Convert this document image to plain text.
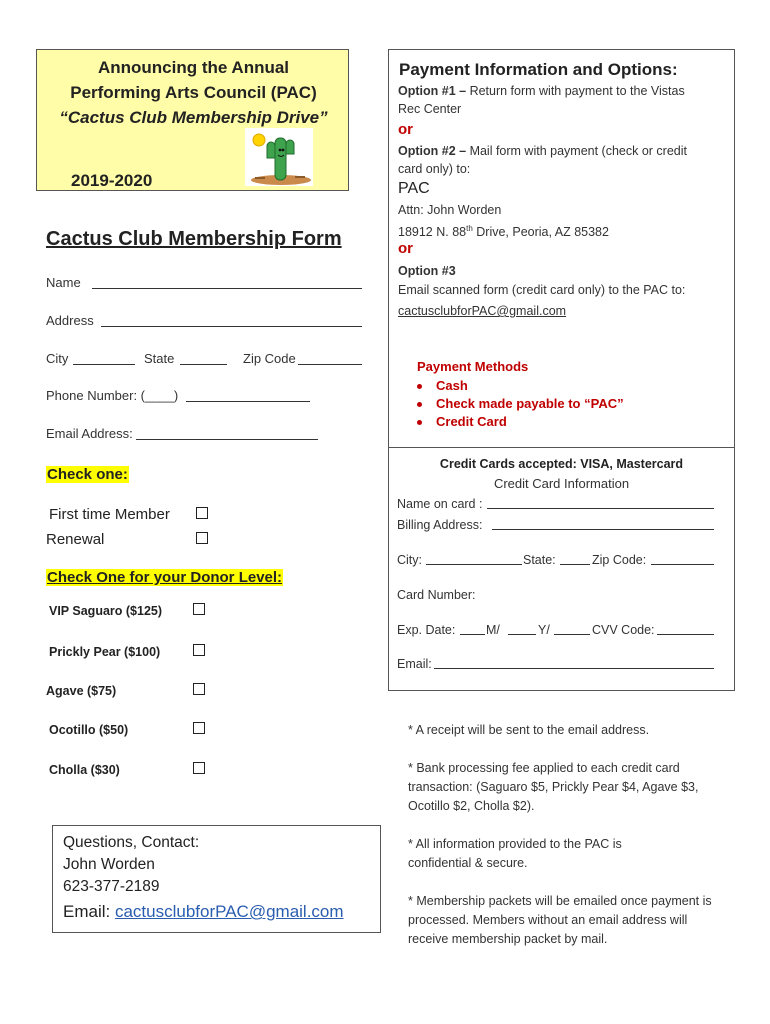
Announcing the Annual
Performing Arts Council (PAC)
“Cactus Club Membership Drive”
2019-2020
Cactus Club Membership Form
Name
Address
City	State	Zip Code
Phone Number: (____)
Email Address:
Check one:
First time Member
Renewal
Check One for your Donor Level:
VIP Saguaro ($125)
Prickly Pear ($100)
Agave ($75)
Ocotillo ($50)
Cholla ($30)
Questions, Contact:
John Worden
623-377-2189
Email: cactusclubforPAC@gmail.com
Payment Information and Options:
Option #1 – Return form with payment to the Vistas
Rec Center
or
Option #2 – Mail form with payment (check or credit
card only) to:
PAC
Attn: John Worden
18912 N. 88th Drive, Peoria, AZ 85382
or
Option #3
Email scanned form (credit card only) to the PAC to:
cactusclubforPAC@gmail.com
Payment Methods
Cash
Check made payable to “PAC”
Credit Card
Credit Cards accepted: VISA, Mastercard
Credit Card Information
Name on card :
Billing Address:
City:	State:	Zip Code:
Card Number:
Exp. Date: M/	Y/	CVV Code:
Email:
* A receipt will be sent to the email address.
* Bank processing fee applied to each credit card transaction: (Saguaro $5, Prickly Pear $4, Agave $3, Ocotillo $2, Cholla $2).
* All information provided to the PAC is confidential & secure.
* Membership packets will be emailed once payment is processed. Members without an email address will receive membership packet by mail.
